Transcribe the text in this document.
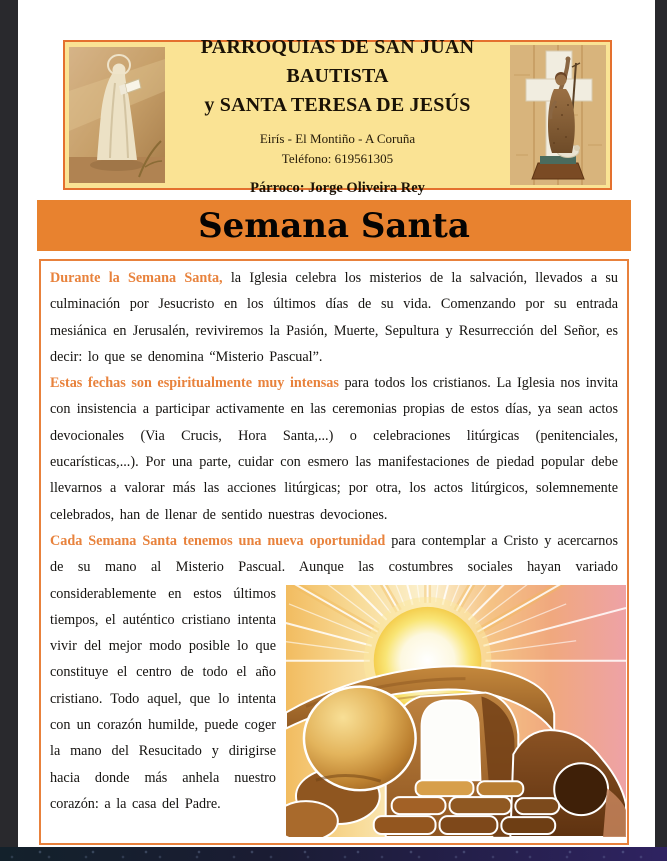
PARROQUIAS DE SAN JUAN BAUTISTA
y SANTA TERESA DE JESÚS
Eirís - El Montiño - A Coruña
Teléfono: 619561305
Párroco: Jorge Oliveira Rey
Semana Santa

Durante la Semana Santa, la Iglesia celebra los misterios de la salvación, llevados a su culminación por Jesucristo en los últimos días de su vida. Comenzando por su entrada mesiánica en Jerusalén, reviviremos la Pasión, Muerte, Sepultura y Resurrección del Señor, es decir: lo que se denomina “Misterio Pascual”.

Estas fechas son espiritualmente muy intensas para todos los cristianos. La Iglesia nos invita con insistencia a participar activamente en las ceremonias propias de estos días, ya sean actos devocionales (Via Crucis, Hora Santa,...) o celebraciones litúrgicas (penitenciales, eucarísticas,...). Por una parte, cuidar con esmero las manifestaciones de piedad popular debe llevarnos a valorar más las acciones litúrgicas; por otra, los actos litúrgicos, solemnemente celebrados, han de llenar de sentido nuestras devociones.

Cada Semana Santa tenemos una nueva oportunidad para contemplar a Cristo y acercarnos de su mano al Misterio Pascual. Aunque las costumbres sociales hayan variado
considerablemente en estos últimos tiempos, el auténtico cristiano intenta vivir del mejor modo posible lo que constituye el centro de todo el año cristiano. Todo aquel, que lo intenta con un corazón humilde, puede coger la mano del Resucitado y dirigirse hacia donde más anhela nuestro corazón: a la casa del Padre.
